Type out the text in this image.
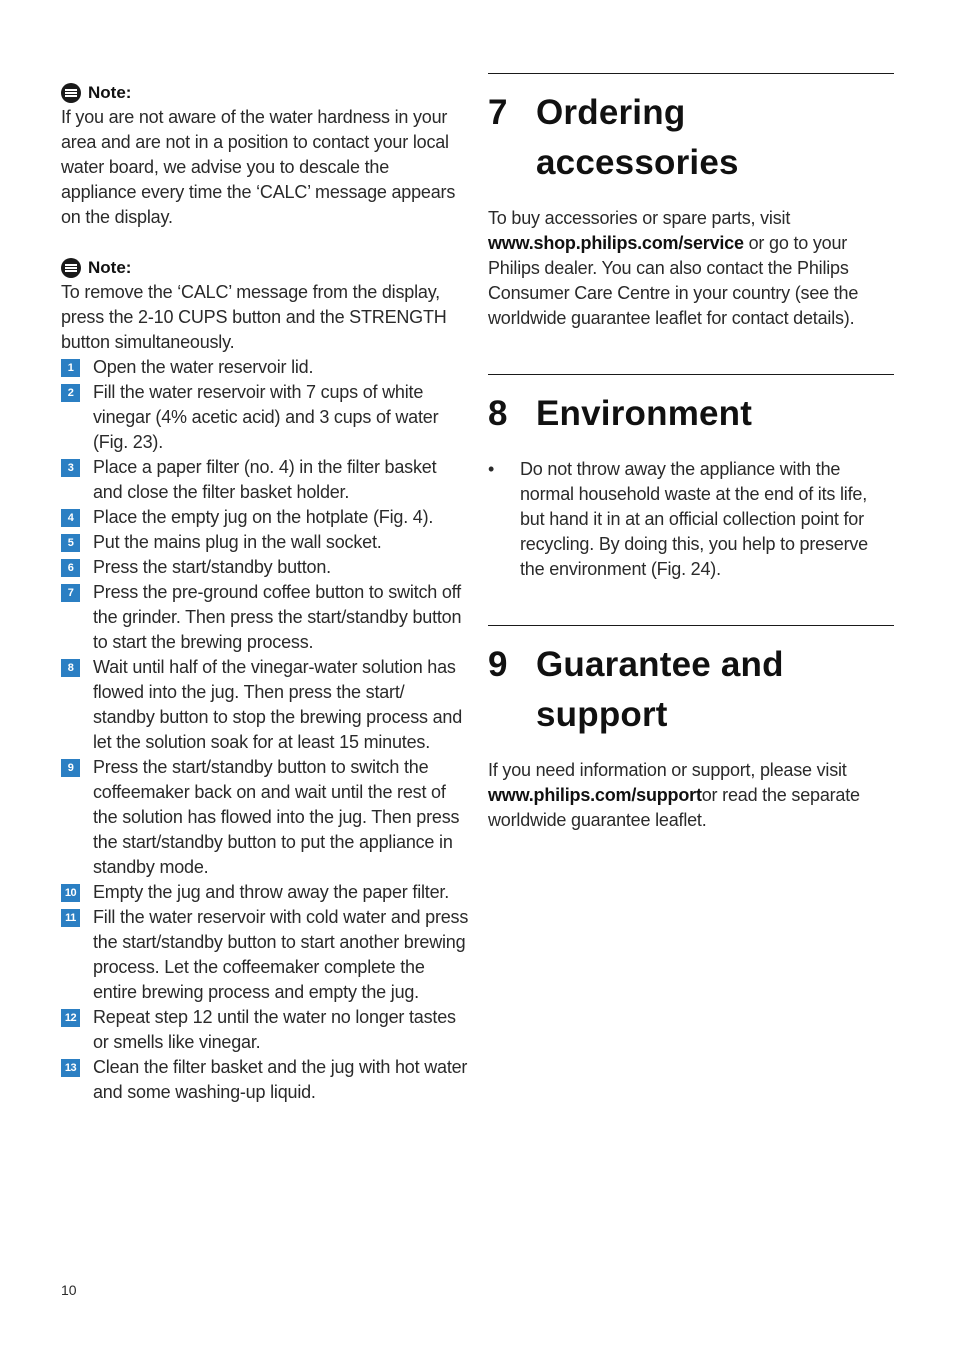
Note:
If you are not aware of the water hardness in your area and are not in a position to contact your local water board, we advise you to descale the appliance every time the ‘CALC’ message appears on the display.
Note:
To remove the ‘CALC’ message from the display, press the 2-10 CUPS button and the STRENGTH button simultaneously.
1	Open the water reservoir lid.
2	Fill the water reservoir with 7 cups of white vinegar (4% acetic acid) and 3 cups of water (Fig. 23).
3	Place a paper filter (no. 4) in the filter basket and close the filter basket holder.
4	Place the empty jug on the hotplate (Fig. 4).
5	Put the mains plug in the wall socket.
6	Press the start/standby button.
7	Press the pre-ground coffee button to switch off the grinder. Then press the start/standby button to start the brewing process.
8	Wait until half of the vinegar-water solution has flowed into the jug. Then press the start/ standby button to stop the brewing process and let the solution soak for at least 15 minutes.
9	Press the start/standby button to switch the coffeemaker back on and wait until the rest of the solution has flowed into the jug. Then press the start/standby button to put the appliance in standby mode.
10 Empty the jug and throw away the paper filter.
11 Fill the water reservoir with cold water and press the start/standby button to start another brewing process. Let the coffeemaker complete the entire brewing process and empty the jug.
12 Repeat step 12 until the water no longer tastes or smells like vinegar.
13 Clean the filter basket and the jug with hot water and some washing-up liquid.
7 Ordering accessories
To buy accessories or spare parts, visit
www.shop.philips.com/service or go to your Philips dealer. You can also contact the Philips Consumer Care Centre in your country (see the worldwide guarantee leaflet for contact details).
8 Environment
• Do not throw away the appliance with the normal household waste at the end of its life, but hand it in at an official collection point for recycling. By doing this, you help to preserve the environment (Fig. 24).
9 Guarantee and support
If you need information or support, please visit
www.philips.com/supportor read the separate worldwide guarantee leaflet.
10
